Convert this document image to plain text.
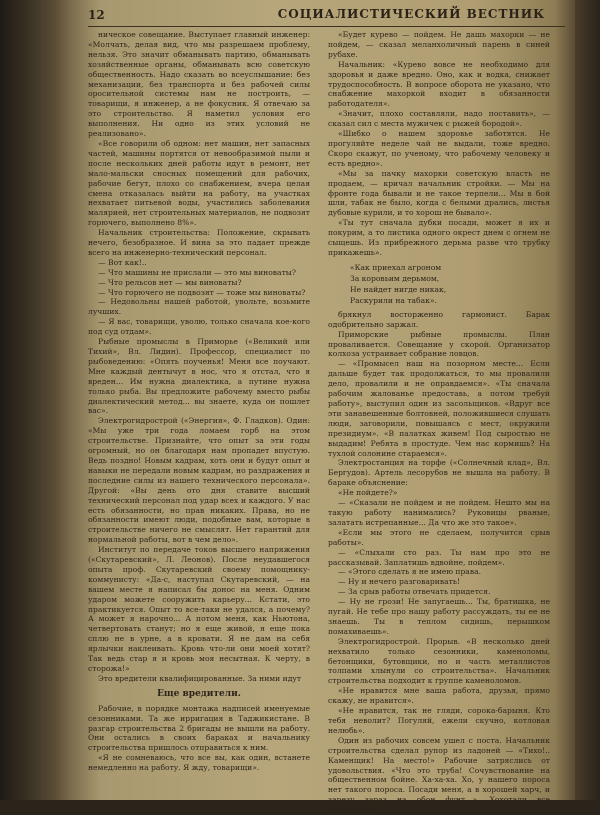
12	СОЦИАЛИСТИЧЕСКИЙ ВЕСТНИК

ническое совещание. Выступает главный инженер: «Молчать, делая вид, что мы разрешаем проблему, нельзя. Это значит обманывать партию, обманывать хозяйственные органы, обманывать всю советскую общественность. Надо сказать во всеуслышание: без механизации, без транспорта и без рабочей силы оросительной системы нам не построить, — товарищи, я инженер, а не фокусник. Я отвечаю за это строительство. Я наметил условия его выполнения. Ни одно из этих условий не реализовано».

«Все говорили об одном: нет машин, нет запасных частей, машины портятся от невообразимой пыли и после нескольких дней работы идут в ремонт, нет мало-мальски сносных помещений для рабочих, рабочие бегут, плохо со снабжением, вчера целая смена отказалась выйти на работу, на участках нехватает питьевой воды, участились заболевания малярией, нет строительных материалов, не подвозят горючего, выполнено 8%».

Начальник строительства: Положение, скрывать нечего, безобразное. И вина за это падает прежде всего на инженерно-технический персонал.

— Вот как!..

— Что машины не прислали — это мы виноваты?

— Что рельсов нет — мы виноваты?

— Что горючего не подвозят — тоже мы виноваты?

— Недовольны нашей работой, увольте, возьмите лучших.

— Я вас, товарищи, уволю, только сначала кое-кого под суд отдам».

Рыбные промыслы в Приморье («Великий или Тихий», Вл. Лидин). Профессор, специалист по рыбоведению: «Опять поученья! Меня все поучают. Мне каждый дентычут в нос, что я отстал, что я вреден... Им нужна диалектика, а путине нужна только рыба. Вы предложите рабочему вместо рыбы диалектический метод... вы знаете, куда он пошлет вас».

Электрогидрострой («Энергия», Ф. Гладков). Один: «Мы уже три года ломаем горб на этом строительстве. Признайте, что опыт за эти годы огромный, но он благодаря нам пропадет впустую. Ведь поздно! Новым кадрам, хоть они и будут опыт и навыки не передали новым кадрам, но раздражения и последние силы из нашего технического персонала». Другой: «Вы день ото дня ставите высший технический персонал под удар всех и каждого. У нас есть обязанности, но прав никаких. Права, но не обязанности имеют люди, подобные вам, которые в строительстве ничего не смыслят. Нет гарантий для нормальной работы, вот в чем дело».

Институт по передаче токов высшего напряжения («Скутаревский», Л. Леонов). После неудавшегося опыта проф. Скутаревский своему помощнику-коммунисту: «Да-с, наступал Скутаревский, — на вашем месте я написал бы донос на меня. Одним ударом можете сооружить карьеру... Кстати, это практикуется. Опыт то все-таки не удался, а почему? А может я нарочно... А потом меня, как Ньютона, четвертовать станут; но я еще живой, я еще пока сплю не в урне, а в кровати. Я не дам на себя ярлычки наклеивать. Кровь что-ли они моей хотят? Так ведь стар я и кровь моя несытная. К черту, в сторожа!»

Это вредители квалифицированные. За ними идут

Еще вредители.

Рабочие, в порядке монтажа надписей именуемые сезонниками. Та же ирригация в Таджикистане. В разгар строительства 2 бригады не вышли на работу. Они остались в своих бараках и начальнику строительства пришлось отправиться к ним.

«Я не сомневаюсь, что все вы, как один, встанете немедленно на работу. Я жду, товарищи».

«Будет курево — пойдем. Не дашь махорки — не пойдем, — сказал меланхоличный парень в синей рубахе.

Начальник: «Курево вовсе не необходимо для здоровья и даже вредно. Оно, как и водка, снижает трудоспособность. В вопросе оборота не указано, что снабжение махоркой входит в обязанности работодателя».

«Значит, плохо составляли, надо поставить», — сказал сил с места мужичек с рыжей бородой».

«Шибко о нашем здоровье заботятся. Не прогуляйте неделе чай не выдали, тоже вредно. Скоро скажут, по ученому, что рабочему человеку и есть вредно».

«Мы за пачку махорки советскую власть не продаем, — кричал начальник стройки. — Мы на фронте года бывали и не такое терпели... Мы в бой шли, табак не было, когда с белыми дрались, листья дубовые курили, и то хорош не бывало».

«Ты тут сначала дубки посади, может я их и покурим, а то листика одного окрест днем с огнем не сыщешь. Из прибрежного дерьма разве что трубку прикажешь».

«Как приехал агроном
За коровьим дерьмом,
Не найдет нигде никак,
Раскурили на табак».

брякнул восторженно гармонист. Барак одобрительно заржал.

Приморские рыбные промыслы. План проваливается. Совещание у скорой. Организатор колхоза устраивает собрание ловцов.

— «Промысел наш на позорном месте... Если дальше будет так продолжаться, то мы провалили дело, провалили и не оправдаемся». «Ты сначала рабочим жалованье предоставь, а потом требуй работу», выступил один из засольщиков. «Вдруг все эти занавешенные болтовней, положившиеся слушать люди, заговорили, повышаясь с мест, окружили президиум». «В палатках живем! Под сыростью не выдадим! Ребята в простуде. Чем нас кормишь? На тухлой солонине стараемся».

Электростанция на торфе («Солнечный клад», Вл. Бергудов). Артель лесорубов не вышла на работу. В бараке объяснение:

«Не пойдете?»

— «Сказали не пойдем и не пойдем. Нешто мы на такую работу нанимались? Руковицы рваные, залатать истрепанные... Да что же это такое».

«Если мы этого не сделаем, получится срыв работы».

— «Слыхали сто раз. Ты нам про это не рассказывай. Заплатишь вдвойне, пойдем».

— «Этого сделать я не имею права.

— Ну и нечего разговаривать!

— За срыв работы отвечать придется.

— Ну не грози! Не запугаешь... Ты, братишка, не пугай. Не тебе про нашу работу рассуждать, ты ее не знаешь. Ты в теплом сидишь, перышком помахиваешь».

Электрогидрострой. Прорыв. «В несколько дней нехватило только сезонники, каменоломы, бетонщики, бутовщики, но и часть металлистов толпами хлынули со строительства». Начальник строительства подходит к группе каменоломов.

«Не нравится мне ваша работа, друзья, прямо скажу, не нравится».

«Не нравится, так не гляди, сорока-барыня. Кто тебя неволит? Погуляй, ежели скучно, котловая нелюбь».

Один из рабочих совсем ушел с поста. Начальник строительства сделал рупор из ладоней — «Тихо!.. Каменщик! На место!» Рабочие затряслись от удовольствия. «Что это труба! Сочувствование на общественном бойне. Ха-ха-ха. Хо, у нашего пороса нет такого пороса. Посади меня, а в хорошей харч, и зарезу зараз на обон фунт...». Хохотали все агрохотали.
